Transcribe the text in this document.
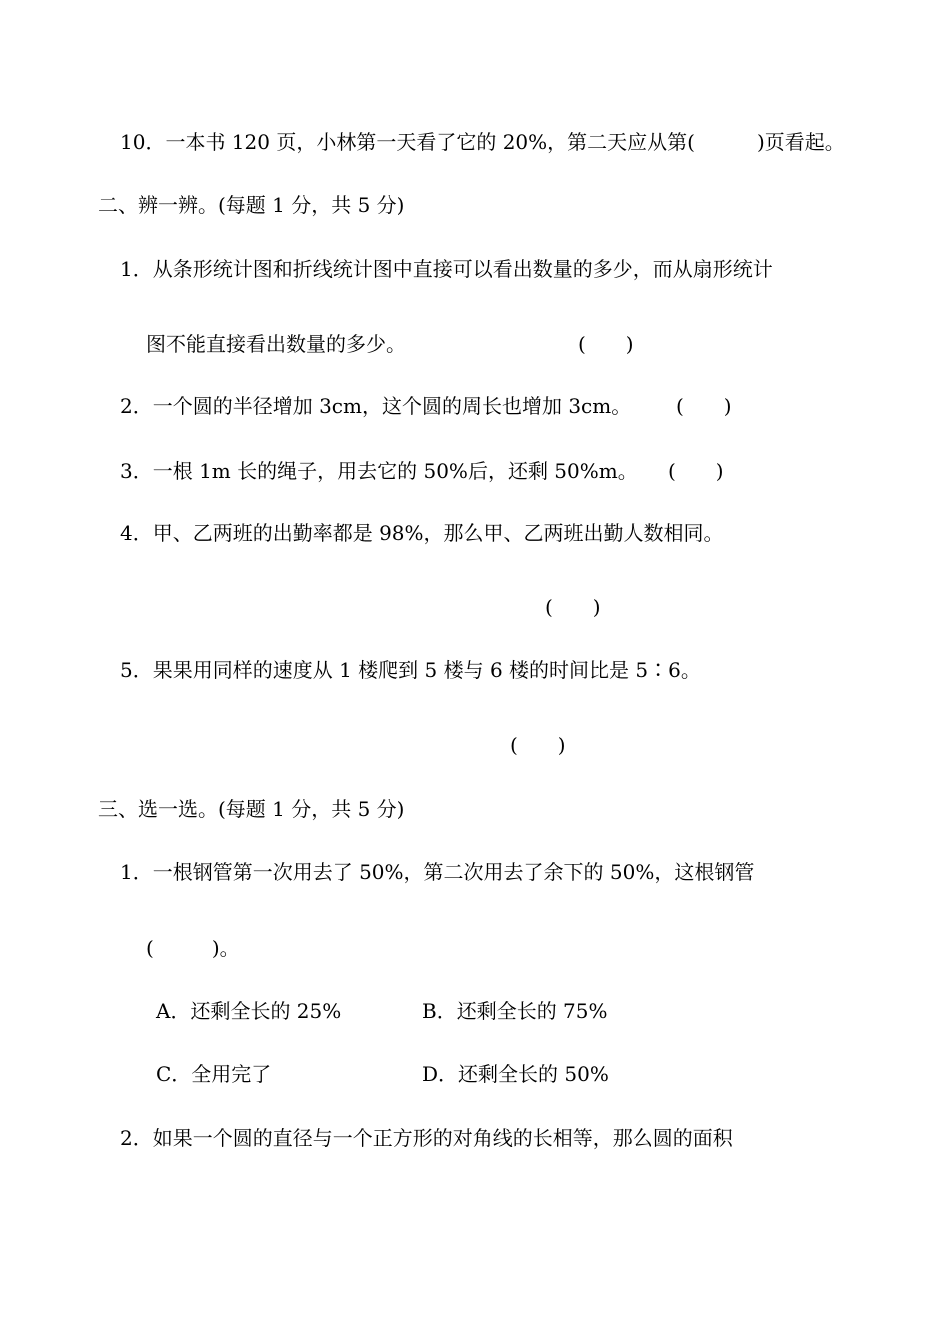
10．一本书 120 页，小林第一天看了它的 20%，第二天应从第(	)页看起。
二、辨一辨。(每题 1 分，共 5 分)
1．从条形统计图和折线统计图中直接可以看出数量的多少，而从扇形统计
图不能直接看出数量的多少。	(　　)
2．一个圆的半径增加 3cm，这个圆的周长也增加 3cm。 (　　)
3．一根 1m 长的绳子，用去它的 50%后，还剩 50%m。 (　　)
4．甲、乙两班的出勤率都是 98%，那么甲、乙两班出勤人数相同。
(　　)
5．果果用同样的速度从 1 楼爬到 5 楼与 6 楼的时间比是 5∶6。
(　　)
三、选一选。(每题 1 分，共 5 分)
1．一根钢管第一次用去了 50%，第二次用去了余下的 50%，这根钢管
(	)。
A．还剩全长的 25%	B．还剩全长的 75%
C．全用完了	D．还剩全长的 50%
2．如果一个圆的直径与一个正方形的对角线的长相等，那么圆的面积
